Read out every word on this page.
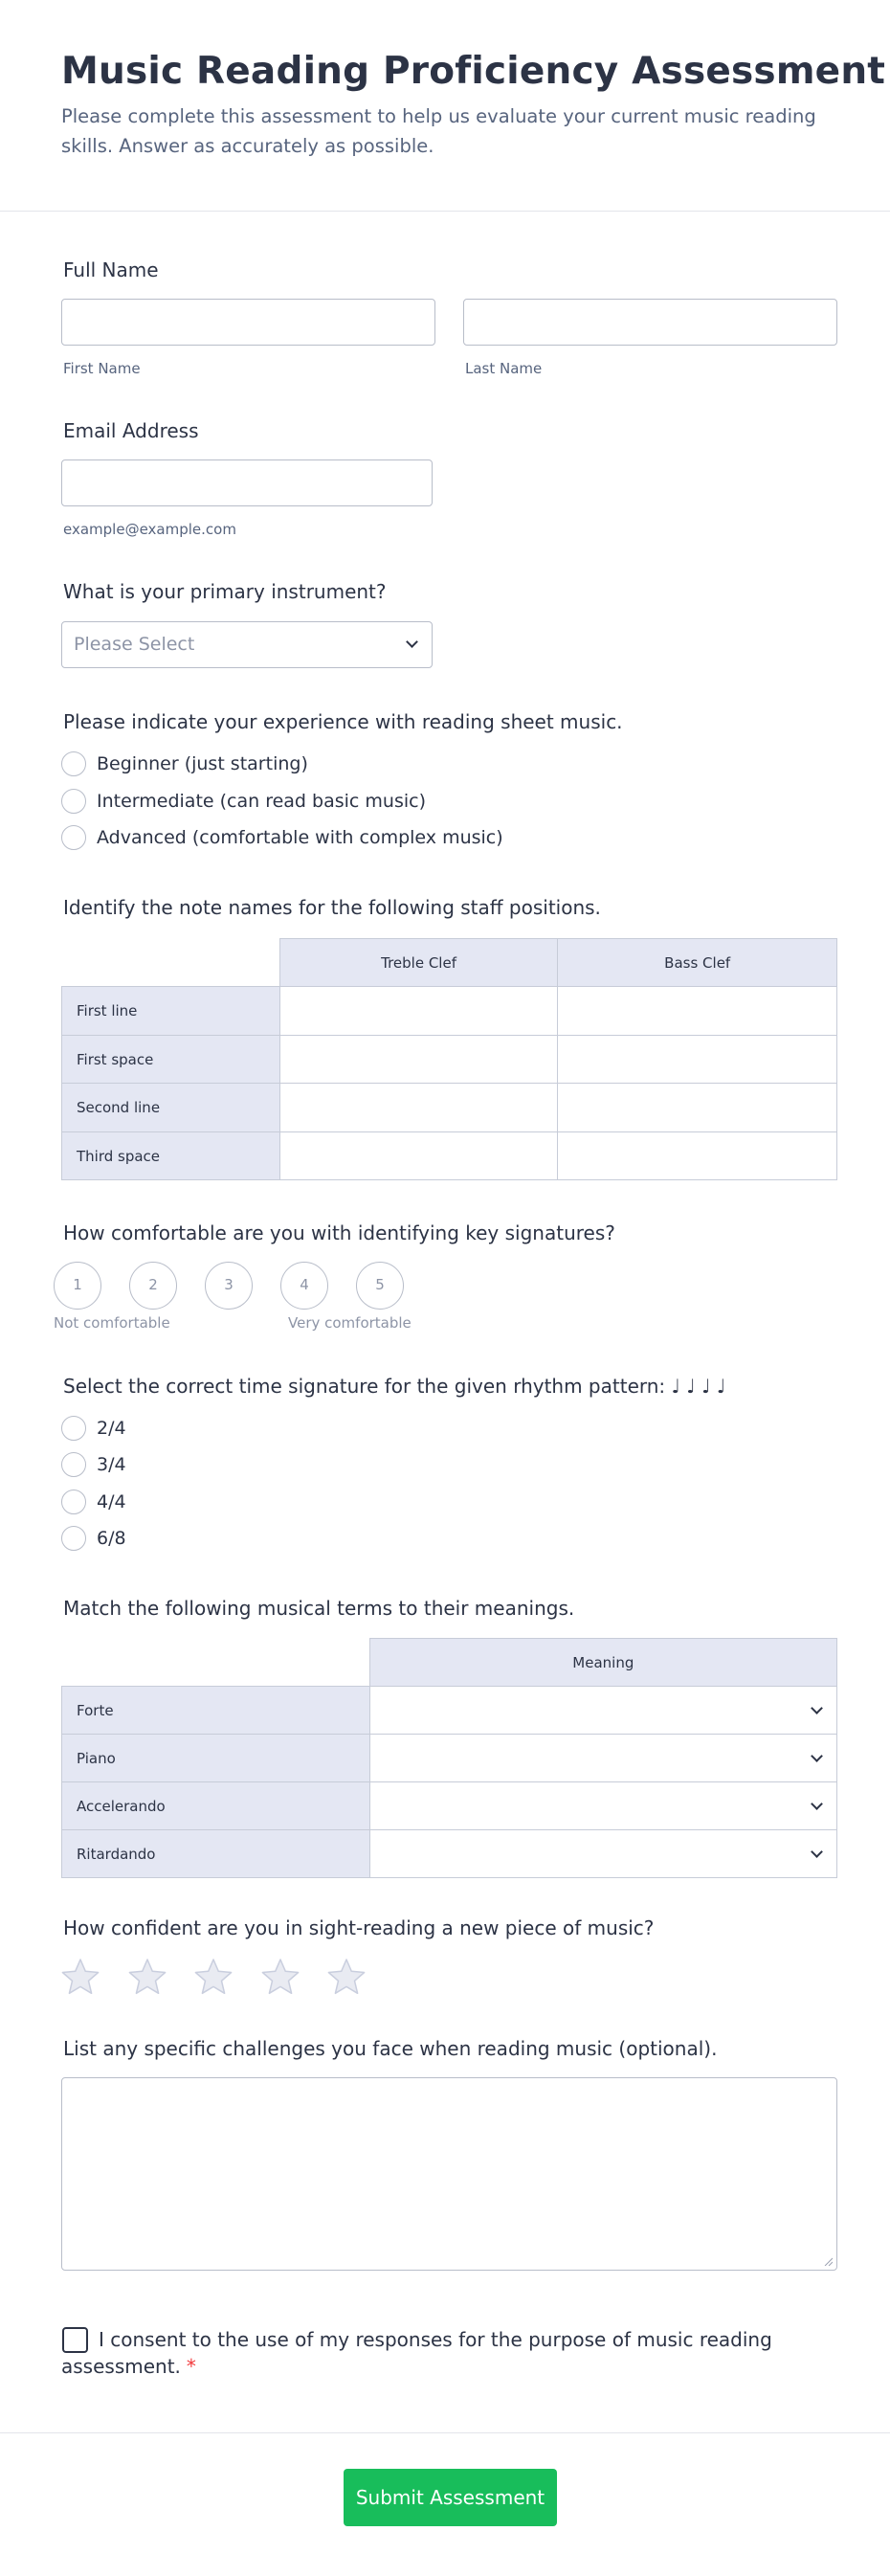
Music Reading Proficiency Assessment
Please complete this assessment to help us evaluate your current music reading skills. Answer as accurately as possible.
Full Name
First Name	Last Name
Email Address
example@example.com
What is your primary instrument?
Please Select
Please indicate your experience with reading sheet music.
Beginner (just starting)
Intermediate (can read basic music)
Advanced (comfortable with complex music)
Identify the note names for the following staff positions.
	Treble Clef	Bass Clef
First line		
First space		
Second line		
Third space		
How comfortable are you with identifying key signatures?
1	2	3	4	5
Not comfortable	Very comfortable
Select the correct time signature for the given rhythm pattern: ♩ ♩ ♩ ♩
2/4
3/4
4/4
6/8
Match the following musical terms to their meanings.
	Meaning
Forte	

Piano	

Accelerando	

Ritardando	
How confident are you in sight-reading a new piece of music?
List any specific challenges you face when reading music (optional).
I consent to the use of my responses for the purpose of music reading assessment. *
Submit Assessment
